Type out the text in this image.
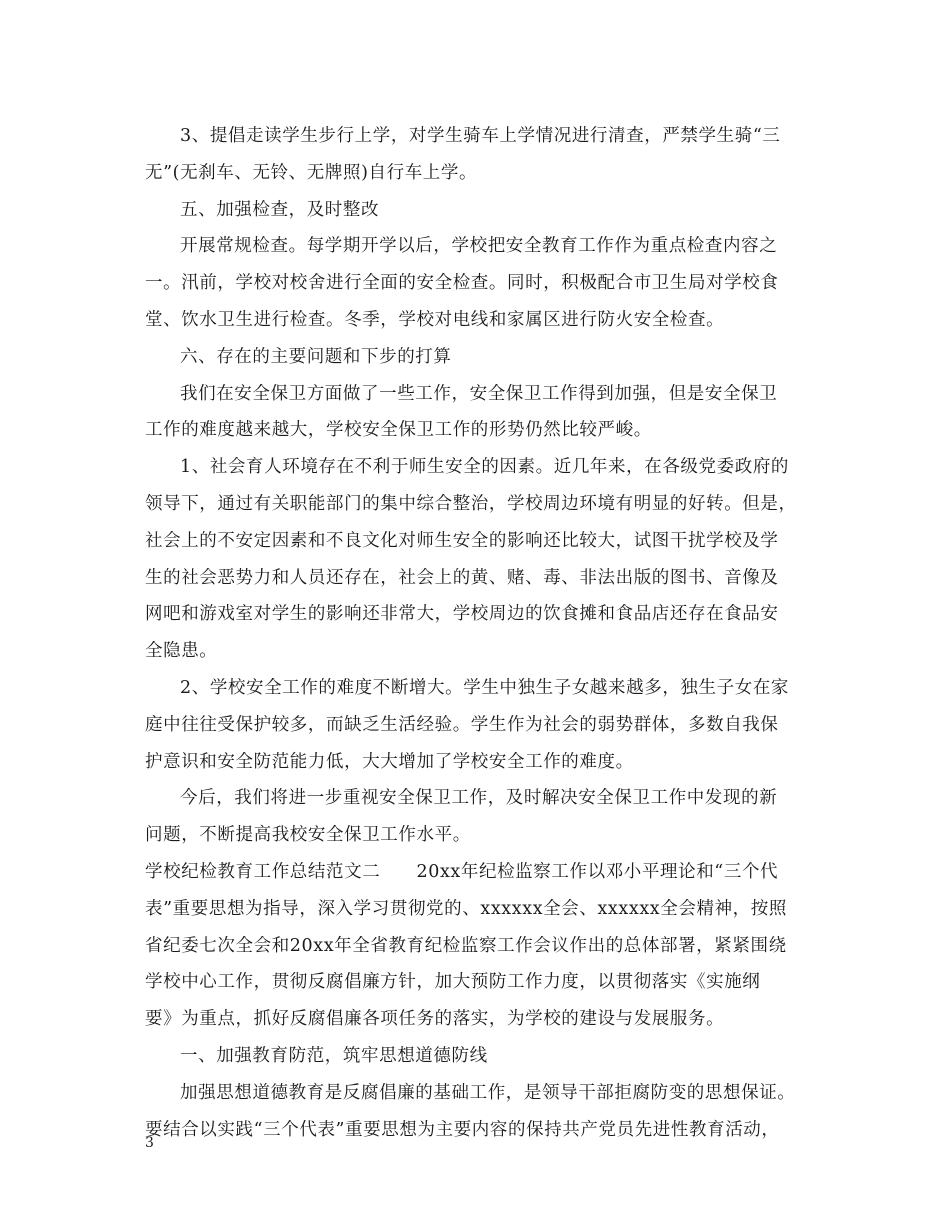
3、提倡走读学生步行上学，对学生骑车上学情况进行清查，严禁学生骑“三
无”(无刹车、无铃、无牌照)自行车上学。
五、加强检查，及时整改
开展常规检查。每学期开学以后，学校把安全教育工作作为重点检查内容之
一。汛前，学校对校舍进行全面的安全检查。同时，积极配合市卫生局对学校食
堂、饮水卫生进行检查。冬季，学校对电线和家属区进行防火安全检查。
六、存在的主要问题和下步的打算
我们在安全保卫方面做了一些工作，安全保卫工作得到加强，但是安全保卫
工作的难度越来越大，学校安全保卫工作的形势仍然比较严峻。
1、社会育人环境存在不利于师生安全的因素。近几年来，在各级党委政府的
领导下，通过有关职能部门的集中综合整治，学校周边环境有明显的好转。但是，
社会上的不安定因素和不良文化对师生安全的影响还比较大，试图干扰学校及学
生的社会恶势力和人员还存在，社会上的黄、赌、毒、非法出版的图书、音像及
网吧和游戏室对学生的影响还非常大，学校周边的饮食摊和食品店还存在食品安
全隐患。
2、学校安全工作的难度不断增大。学生中独生子女越来越多，独生子女在家
庭中往往受保护较多，而缺乏生活经验。学生作为社会的弱势群体，多数自我保
护意识和安全防范能力低，大大增加了学校安全工作的难度。
今后，我们将进一步重视安全保卫工作，及时解决安全保卫工作中发现的新
问题，不断提高我校安全保卫工作水平。
学校纪检教育工作总结范文二　　20xx年纪检监察工作以邓小平理论和“三个代
表”重要思想为指导，深入学习贯彻党的、xxxxxx全会、xxxxxx全会精神，按照
省纪委七次全会和20xx年全省教育纪检监察工作会议作出的总体部署，紧紧围绕
学校中心工作，贯彻反腐倡廉方针，加大预防工作力度，以贯彻落实《实施纲
要》为重点，抓好反腐倡廉各项任务的落实，为学校的建设与发展服务。
一、加强教育防范，筑牢思想道德防线
加强思想道德教育是反腐倡廉的基础工作，是领导干部拒腐防变的思想保证。
要结合以实践“三个代表”重要思想为主要内容的保持共产党员先进性教育活动，
3
